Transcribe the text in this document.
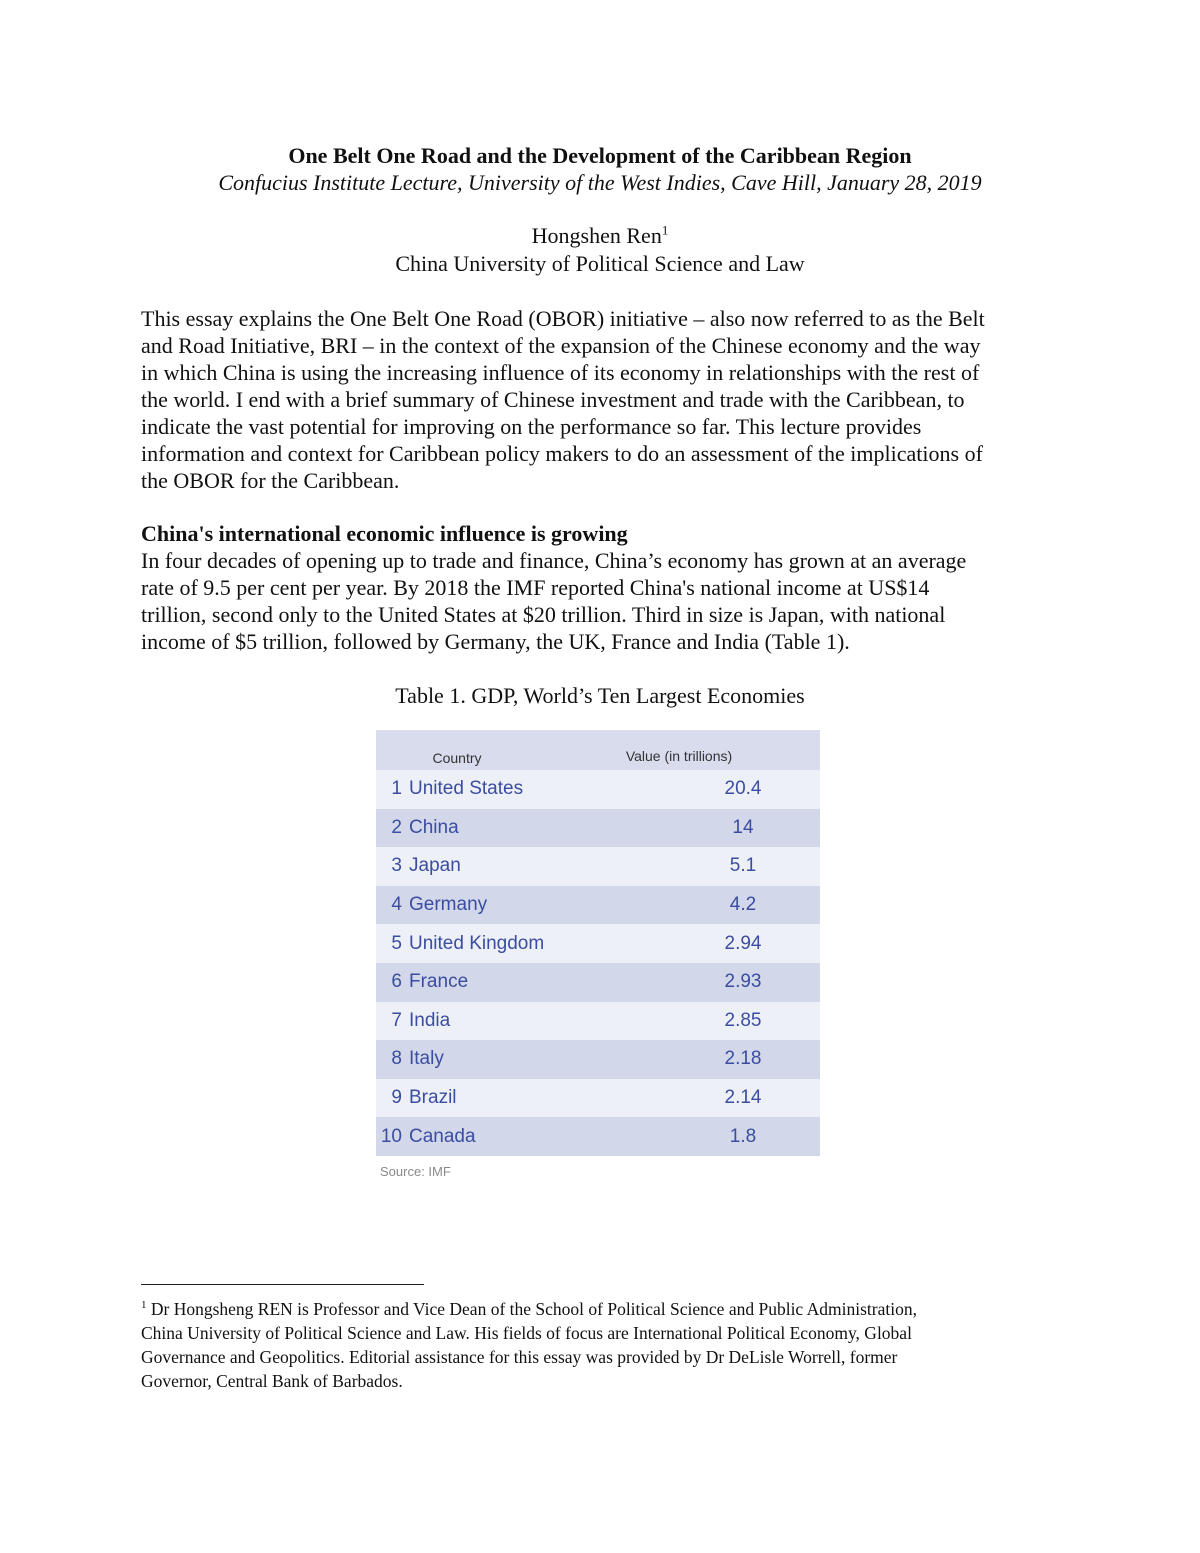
One Belt One Road and the Development of the Caribbean Region
Confucius Institute Lecture, University of the West Indies, Cave Hill, January 28, 2019
Hongshen Ren$^1$
China University of Political Science and Law
This essay explains the One Belt One Road (OBOR) initiative – also now referred to as the Belt
and Road Initiative, BRI – in the context of the expansion of the Chinese economy and the way
in which China is using the increasing influence of its economy in relationships with the rest of
the world. I end with a brief summary of Chinese investment and trade with the Caribbean, to
indicate the vast potential for improving on the performance so far. This lecture provides
information and context for Caribbean policy makers to do an assessment of the implications of
the OBOR for the Caribbean.
China's international economic influence is growing
In four decades of opening up to trade and finance, China’s economy has grown at an average
rate of 9.5 per cent per year. By 2018 the IMF reported China's national income at US$14
trillion, second only to the United States at $20 trillion. Third in size is Japan, with national
income of $5 trillion, followed by Germany, the UK, France and India (Table 1).
Table 1. GDP, World’s Ten Largest Economies
Country	Value (in trillions)
1 United States	20.4
2 China	14
3 Japan	5.1
4 Germany	4.2
5 United Kingdom	2.94
6 France	2.93
7 India	2.85
8 Italy	2.18
9 Brazil	2.14
10 Canada	1.8
Source: IMF
$^1$ Dr Hongsheng REN is Professor and Vice Dean of the School of Political Science and Public Administration,
China University of Political Science and Law. His fields of focus are International Political Economy, Global
Governance and Geopolitics. Editorial assistance for this essay was provided by Dr DeLisle Worrell, former
Governor, Central Bank of Barbados.
